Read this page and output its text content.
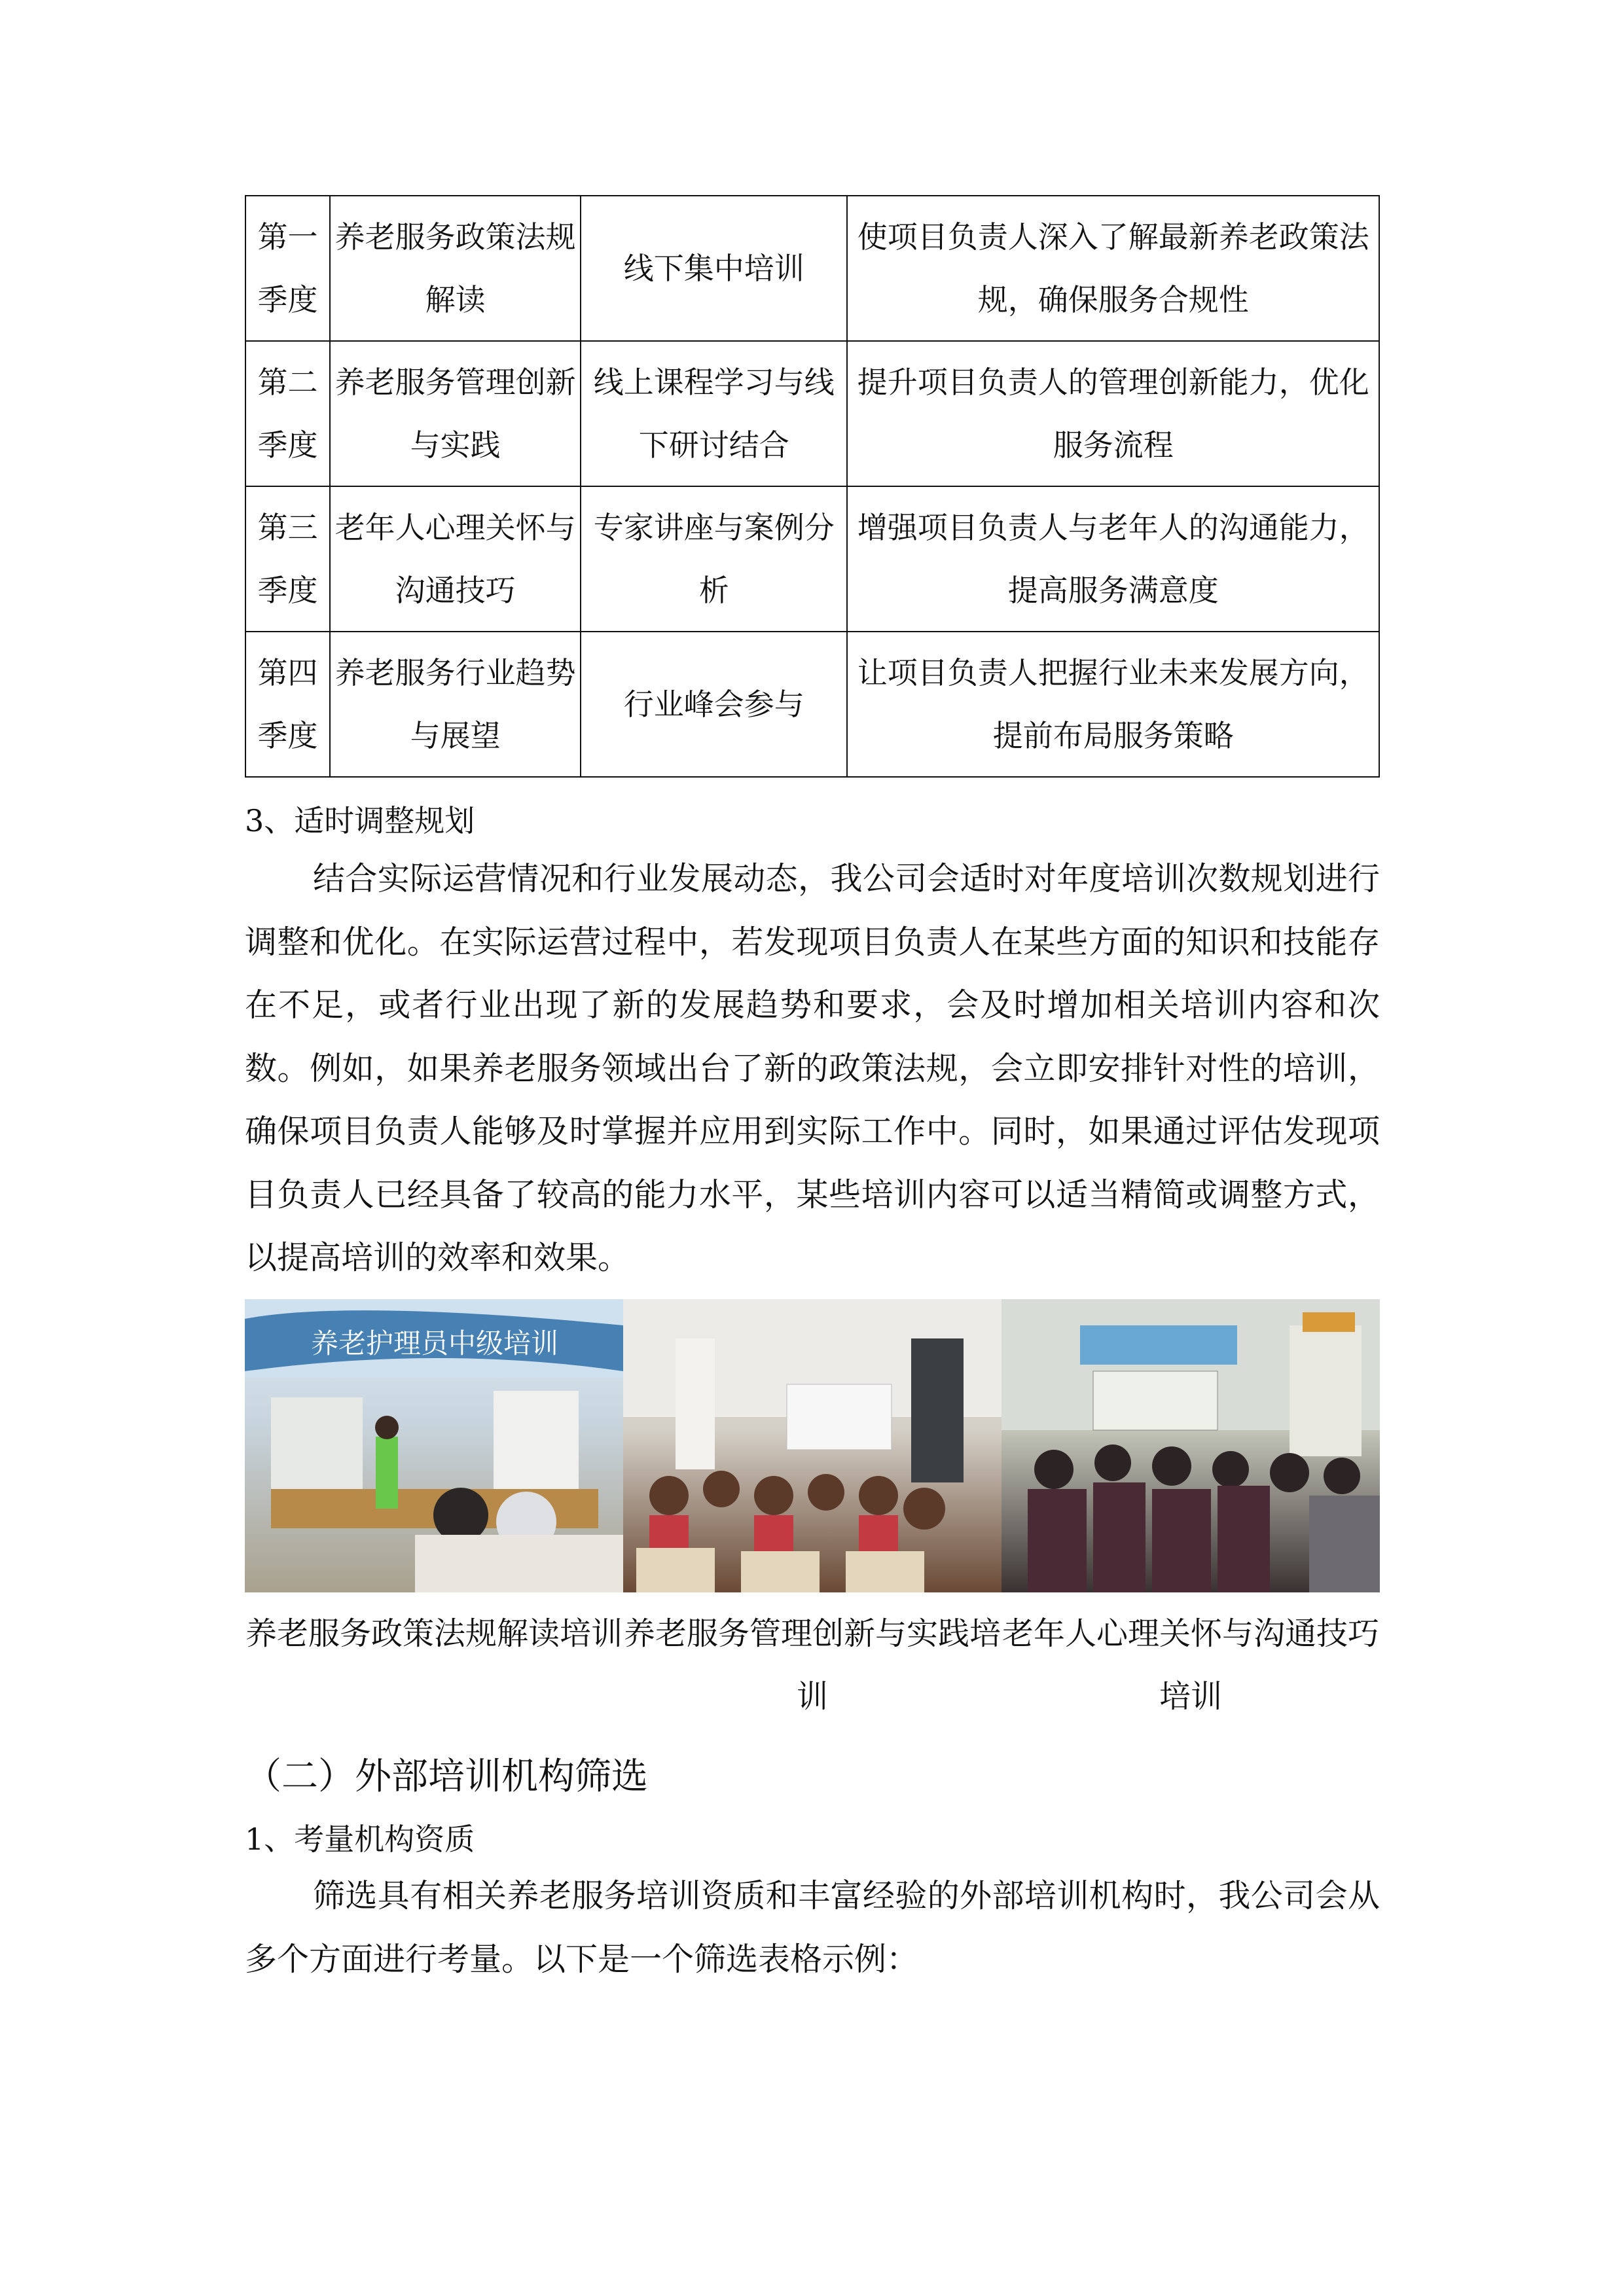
第一季度	养老服务政策法规解读	线下集中培训	使项目负责人深入了解最新养老政策法规，确保服务合规性
第二季度	养老服务管理创新与实践	线上课程学习与线下研讨结合	提升项目负责人的管理创新能力，优化服务流程
第三季度	老年人心理关怀与沟通技巧	专家讲座与案例分析	增强项目负责人与老年人的沟通能力，提高服务满意度
第四季度	养老服务行业趋势与展望	行业峰会参与	让项目负责人把握行业未来发展方向，提前布局服务策略
3、适时调整规划
结合实际运营情况和行业发展动态，我公司会适时对年度培训次数规划进行调整和优化。在实际运营过程中，若发现项目负责人在某些方面的知识和技能存在不足，或者行业出现了新的发展趋势和要求，会及时增加相关培训内容和次数。例如，如果养老服务领域出台了新的政策法规，会立即安排针对性的培训，确保项目负责人能够及时掌握并应用到实际工作中。同时，如果通过评估发现项目负责人已经具备了较高的能力水平，某些培训内容可以适当精简或调整方式，以提高培训的效率和效果。
养老护理员中级培训
养老服务政策法规解读培训 养老服务管理创新与实践培训
老年人心理关怀与沟通技巧培训
（二）外部培训机构筛选
1、考量机构资质
筛选具有相关养老服务培训资质和丰富经验的外部培训机构时，我公司会从多个方面进行考量。以下是一个筛选表格示例：
